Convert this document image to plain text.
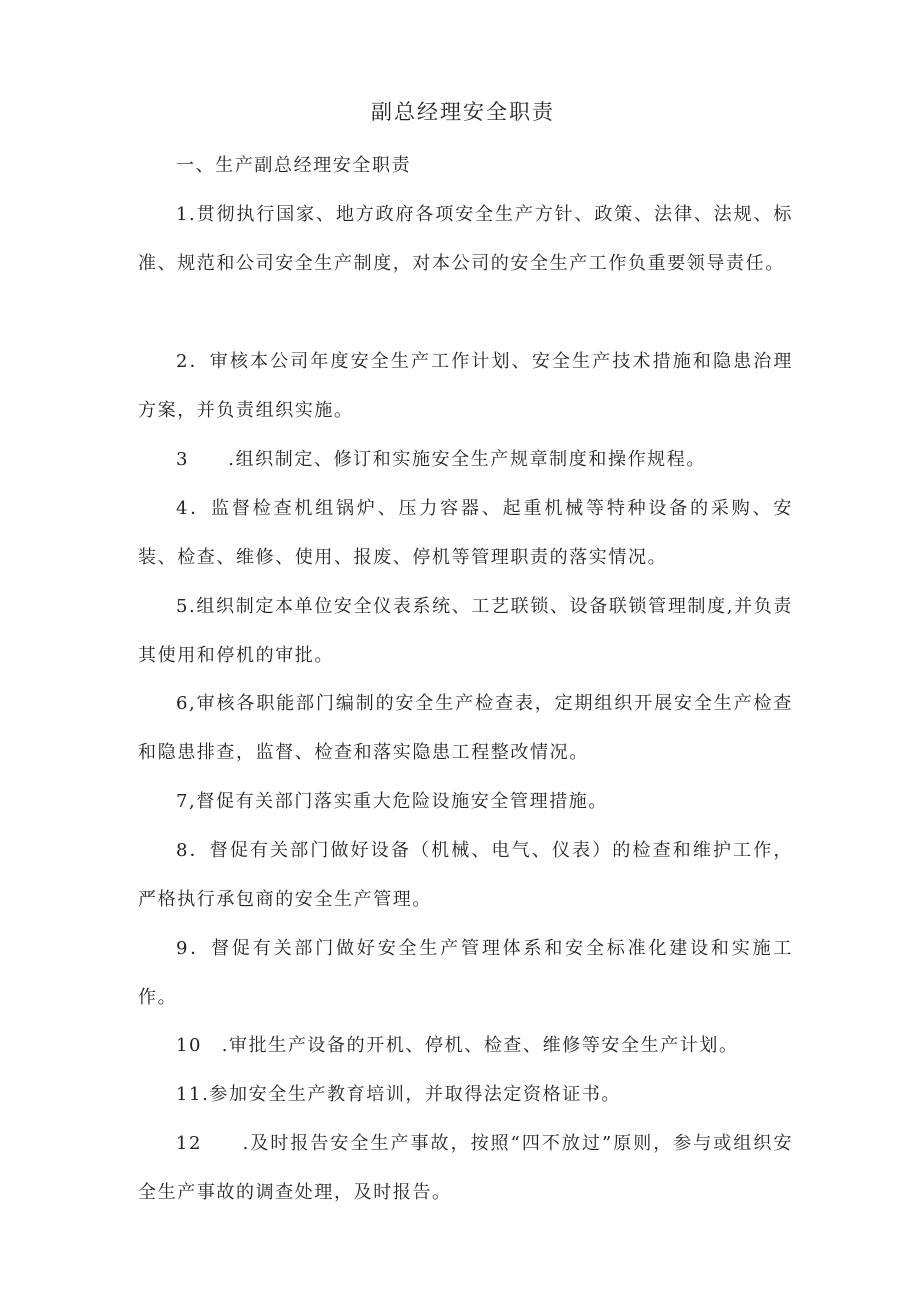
副总经理安全职责
一、生产副总经理安全职责
1.贯彻执行国家、地方政府各项安全生产方针、政策、法律、法规、标准、规范和公司安全生产制度，对本公司的安全生产工作负重要领导责任。
2．审核本公司年度安全生产工作计划、安全生产技术措施和隐患治理方案，并负责组织实施。
3　　.组织制定、修订和实施安全生产规章制度和操作规程。
4．监督检查机组锅炉、压力容器、起重机械等特种设备的采购、安装、检查、维修、使用、报废、停机等管理职责的落实情况。
5.组织制定本单位安全仪表系统、工艺联锁、设备联锁管理制度,并负责其使用和停机的审批。
6,审核各职能部门编制的安全生产检查表，定期组织开展安全生产检查和隐患排查，监督、检查和落实隐患工程整改情况。
7,督促有关部门落实重大危险设施安全管理措施。
8．督促有关部门做好设备（机械、电气、仪表）的检查和维护工作，严格执行承包商的安全生产管理。
9．督促有关部门做好安全生产管理体系和安全标准化建设和实施工作。
10　.审批生产设备的开机、停机、检查、维修等安全生产计划。
11.参加安全生产教育培训，并取得法定资格证书。
12　　.及时报告安全生产事故，按照“四不放过”原则，参与或组织安全生产事故的调查处理，及时报告。
